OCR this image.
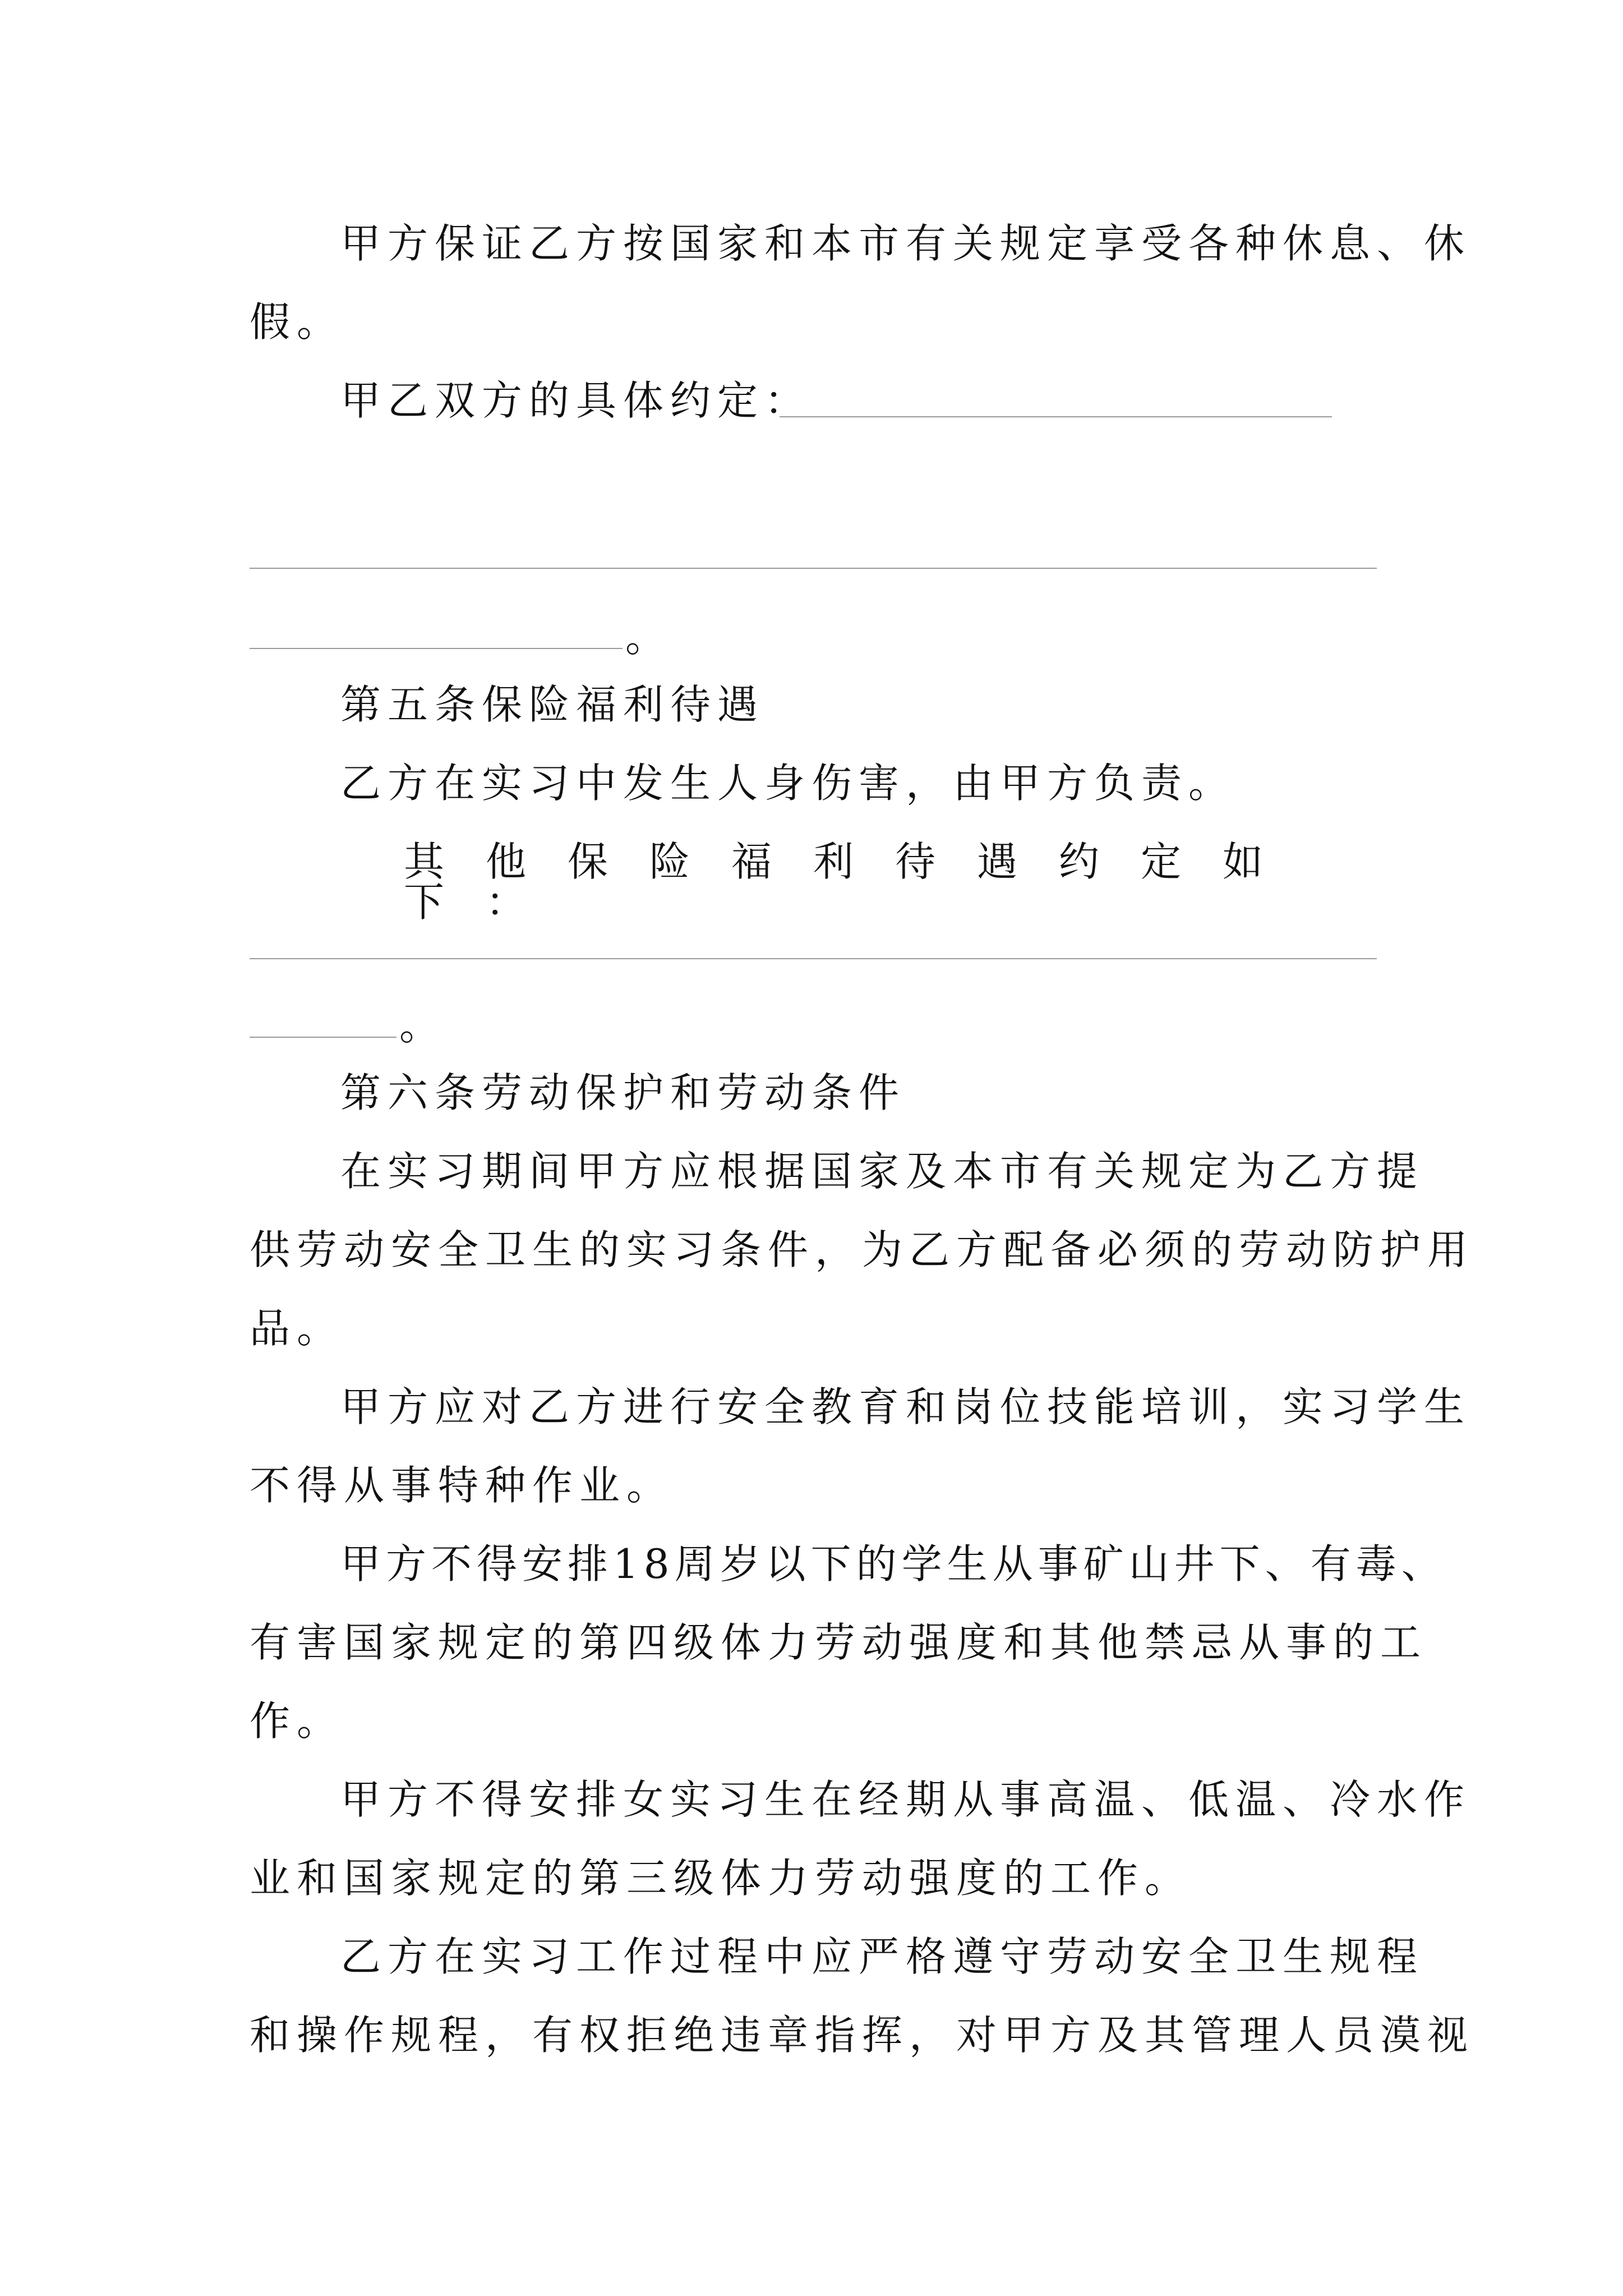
甲方保证乙方按国家和本市有关规定享受各种休息、休
假。
甲乙双方的具体约定：
。
第五条保险福利待遇
乙方在实习中发生人身伤害，由甲方负责。
其他保险福利待遇约定如下：
。
第六条劳动保护和劳动条件
在实习期间甲方应根据国家及本市有关规定为乙方提
供劳动安全卫生的实习条件，为乙方配备必须的劳动防护用
品。
甲方应对乙方进行安全教育和岗位技能培训，实习学生
不得从事特种作业。
甲方不得安排18周岁以下的学生从事矿山井下、有毒、
有害国家规定的第四级体力劳动强度和其他禁忌从事的工
作。
甲方不得安排女实习生在经期从事高温、低温、冷水作
业和国家规定的第三级体力劳动强度的工作。
乙方在实习工作过程中应严格遵守劳动安全卫生规程
和操作规程，有权拒绝违章指挥，对甲方及其管理人员漠视
